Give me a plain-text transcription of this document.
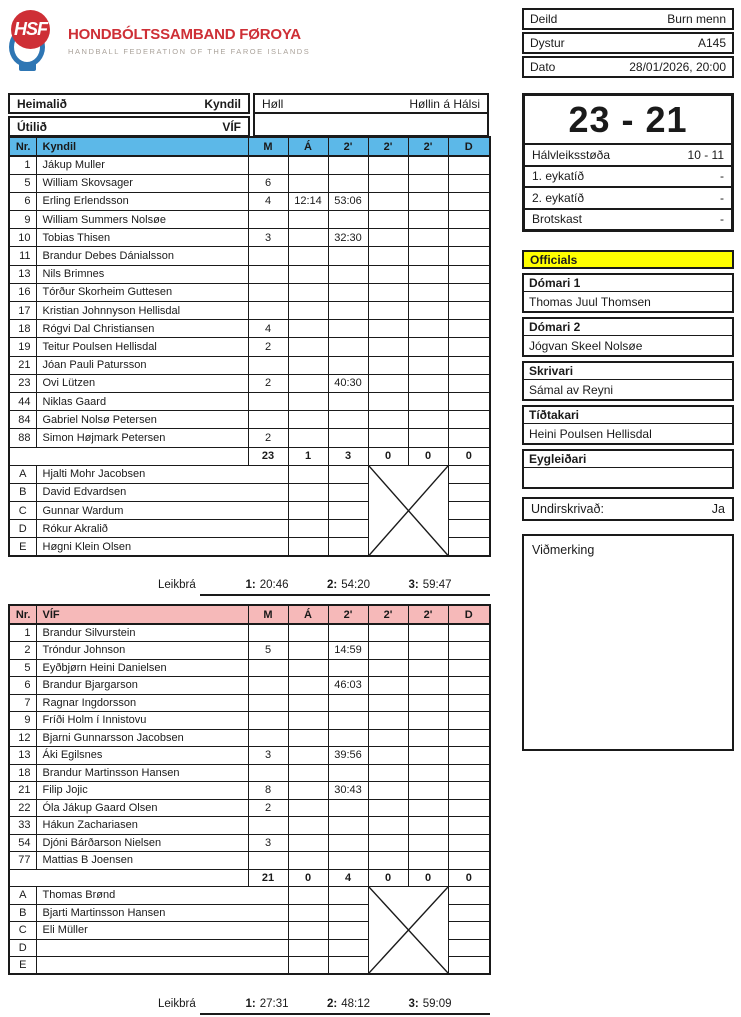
HSF HONDBÓLTSSAMBAND FØROYA
HANDBALL FEDERATION OF THE FAROE ISLANDS
Deild	Burn menn
Dystur	A145
Dato	28/01/2026, 20:00
Heimalið	Kyndil
Útilið	VÍF
Høll	Høllin á Hálsi	23 - 21
Hálvleiksstøða	10 - 11
1. eykatíð	-
2. eykatíð	-
Brotskast	-
Officials
Dómari 1
Thomas Juul Thomsen
Dómari 2
Jógvan Skeel Nolsøe
Skrivari
Sámal av Reyni
Tíðtakari
Heini Poulsen Hellisdal
Eygleiðari
Undirskrivað:	Ja
Viðmerking
Nr.	Kyndil	M	Á	2'	2'	2'	D
1	Jákup Muller						
5	William Skovsager	6					
6	Erling Erlendsson	4	12:14	53:06			
9	William Summers Nolsøe						
10	Tobias Thisen	3		32:30			
11	Brandur Debes Dánialsson						
13	Nils Brimnes						
16	Tórður Skorheim Guttesen						
17	Kristian Johnnyson Hellisdal						
18	Rógvi Dal Christiansen	4					
19	Teitur Poulsen Hellisdal	2					
21	Jóan Pauli Patursson						
23	Ovi Lützen	2		40:30			
44	Niklas Gaard						
84	Gabriel Nolsø Petersen						
88	Simon Højmark Petersen	2					
		23	1	3	0	0	0
A	Hjalti Mohr Jacobsen			

B	David Edvardsen						
C	Gunnar Wardum						
D	Rókur Akralið						
E	Høgni Klein Olsen						
Leikbrá	1: 20:46	2: 54:20	3: 59:47
Nr.	VÍF	M	Á	2'	2'	2'	D
1	Brandur Silvurstein						
2	Tróndur Johnson	5		14:59			
5	Eyðbjørn Heini Danielsen						
6	Brandur Bjargarson			46:03			
7	Ragnar Ingdorsson						
9	Fríði Holm í Innistovu						
12	Bjarni Gunnarsson Jacobsen						
13	Áki Egilsnes	3		39:56			
18	Brandur Martinsson Hansen						
21	Filip Jojic	8		30:43			
22	Óla Jákup Gaard Olsen	2					
33	Hákun Zachariasen						
54	Djóni Bárðarson Nielsen	3					
77	Mattias B Joensen						
		21	0	4	0	0	0
A	Thomas Brønd			

B	Bjarti Martinsson Hansen						
C	Eli Müller						
D							
E							
Leikbrá	1: 27:31	2: 48:12	3: 59:09
